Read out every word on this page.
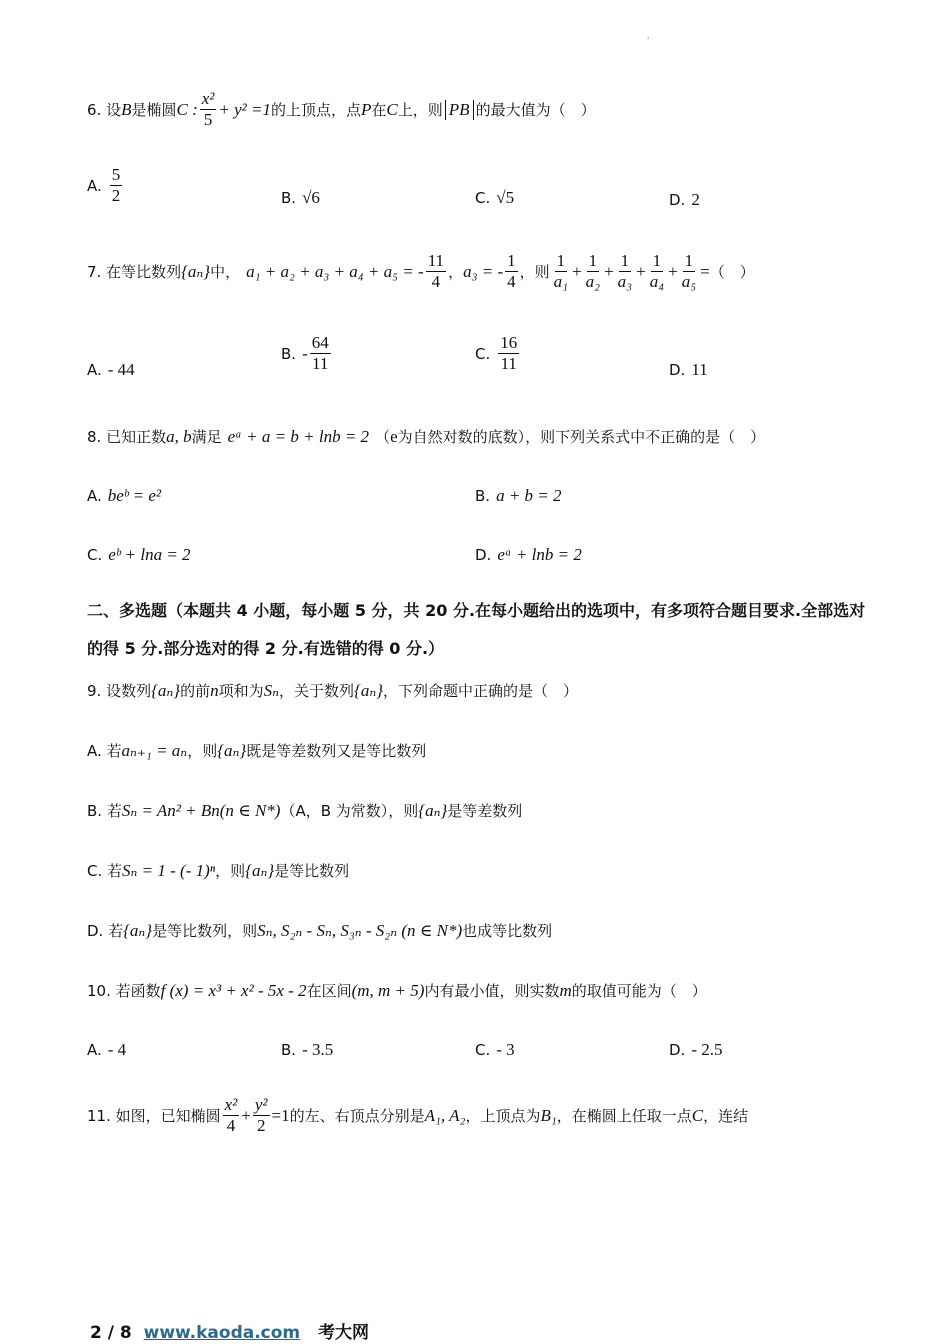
'
6. 设 B 是椭圆 C : $\frac{\text{x²}}{5} + y^2 =1$ 的上顶点，点 P 在 C 上，则 PB 的最大值为（　）
A. $\frac{5}{2}$	B. √6	C. √5	D. 2
7. 在等比数列 {aₙ} 中， a₁ + a₂ + a₃ + a₄ + a₅ = - $\frac{11}{4}$ ， a₃ = - $\frac{1}{4}$ ，则 $\frac{1}{\text{a₁}} + \frac{1}{\text{a₂}} + \frac{1}{\text{a₃}} + \frac{1}{\text{a₄}} + \frac{1}{\text{a₅}}$ = （　）
A. - 44
B. - $\frac{64}{11}$	C. $\frac{16}{11}$	D. 11
8. 已知正数 a, b 满足 eᵃ + a = b + lnb = 2 （ e 为自然对数的底数），则下列关系式中不正确的是（　）
A. beᵇ = e²	B. a + b = 2
C. eᵇ + lna = 2	D. eᵃ + lnb = 2
二、多选题（本题共 4 小题，每小题 5 分，共 20 分.在每小题给出的选项中，有多项符合题目要求.全部选对的得 5 分.部分选对的得 2 分.有选错的得 0 分.）
9. 设数列 {aₙ} 的前 n 项和为 Sₙ ，关于数列 {aₙ} ，下列命题中正确的是（　）
A. 若 aₙ₊₁ = aₙ ，则 {aₙ} 既是等差数列又是等比数列
B. 若 Sₙ = An² + Bn(n ∈ N*) （A，B 为常数），则 {aₙ} 是等差数列
C. 若 Sₙ = 1 - (- 1)ⁿ ，则 {aₙ} 是等比数列
D. 若 {aₙ} 是等比数列，则 Sₙ, S₂ₙ - Sₙ, S₃ₙ - S₂ₙ (n ∈ N*) 也成等比数列
10. 若函数 f (x) = x³ + x² - 5x - 2 在区间 (m, m + 5) 内有最小值，则实数 m 的取值可能为（　）
A. - 4	B. - 3.5	C. - 3	D. - 2.5
11. 如图，已知椭圆 $\frac{\text{x²}}{4} + \frac{\text{y²}}{2} =1$ 的左、右顶点分别是 A₁, A₂ ，上顶点为 B₁ ，在椭圆上任取一点 C ，连结
2 / 8 www.kaoda.com 考大网
